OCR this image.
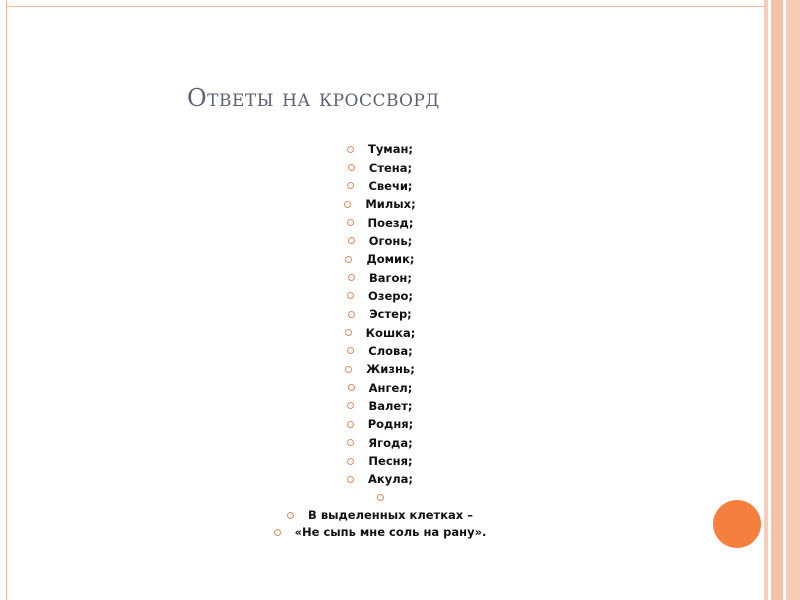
Ответы на кроссворд
Туман;
Стена;
Свечи;
Милых;
Поезд;
Огонь;
Домик;
Вагон;
Озеро;
Эстер;
Кошка;
Слова;
Жизнь;
Ангел;
Валет;
Родня;
Ягода;
Песня;
Акула;
В выделенных клетках –
«Не сыпь мне соль на рану».
